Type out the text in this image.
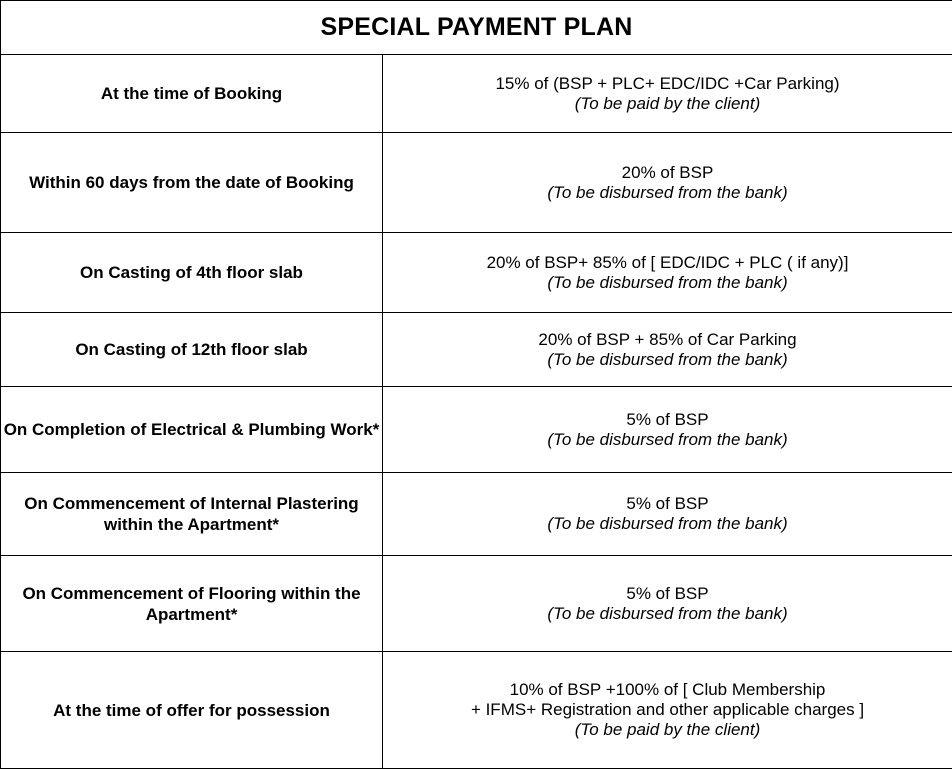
SPECIAL PAYMENT PLAN	
At the time of Booking	15% of (BSP + PLC+ EDC/IDC +Car Parking)
(To be paid by the client)

Within 60 days from the date of Booking	20% of BSP
(To be disbursed from the bank)

On Casting of 4th floor slab	20% of BSP+ 85% of [ EDC/IDC + PLC ( if any)]
(To be disbursed from the bank)

On Casting of 12th floor slab	20% of BSP + 85% of Car Parking
(To be disbursed from the bank)

On Completion of Electrical & Plumbing Work*	5% of BSP
(To be disbursed from the bank)

On Commencement of Internal Plastering within the Apartment*	5% of BSP
(To be disbursed from the bank)

On Commencement of Flooring within the Apartment*	5% of BSP
(To be disbursed from the bank)

At the time of offer for possession	10% of BSP +100% of [ Club Membership
+ IFMS+ Registration and other applicable charges ]
(To be paid by the client)
